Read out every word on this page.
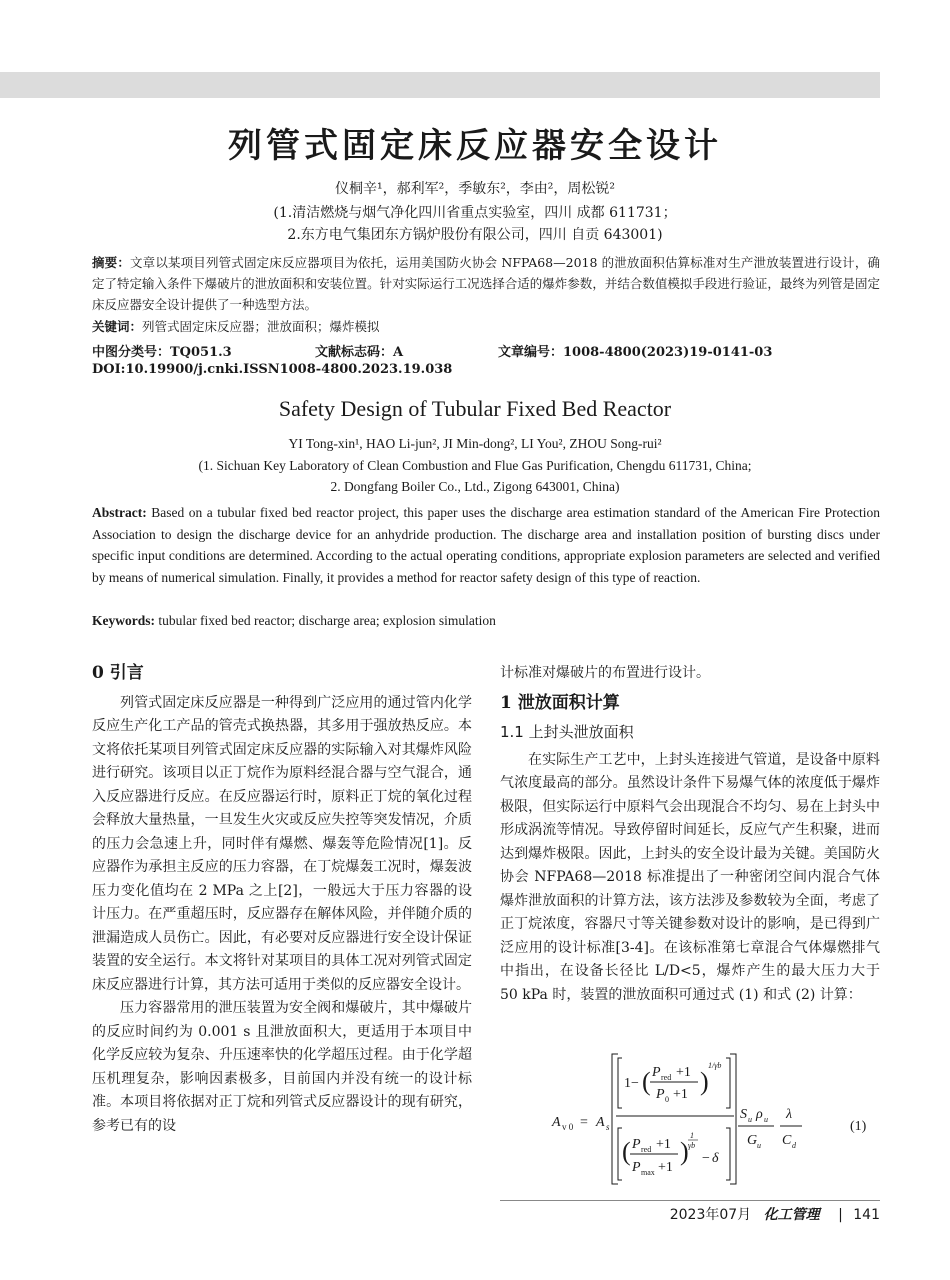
列管式固定床反应器安全设计
仪桐辛¹，郝利军²，季敏东²，李由²，周松锐²
(1.清洁燃烧与烟气净化四川省重点实验室，四川 成都 611731；
2.东方电气集团东方锅炉股份有限公司，四川 自贡 643001)
摘要：文章以某项目列管式固定床反应器项目为依托，运用美国防火协会 NFPA68—2018 的泄放面积估算标准对生产泄放装置进行设计，确定了特定输入条件下爆破片的泄放面积和安装位置。针对实际运行工况选择合适的爆炸参数，并结合数值模拟手段进行验证，最终为列管是固定床反应器安全设计提供了一种选型方法。
关键词：列管式固定床反应器；泄放面积；爆炸模拟
中图分类号：TQ051.3	文献标志码：A	文章编号：1008-4800(2023)19-0141-03
DOI:10.19900/j.cnki.ISSN1008-4800.2023.19.038
Safety Design of Tubular Fixed Bed Reactor
YI Tong-xin¹, HAO Li-jun², JI Min-dong², LI You², ZHOU Song-rui²
(1. Sichuan Key Laboratory of Clean Combustion and Flue Gas Purification, Chengdu 611731, China;
2. Dongfang Boiler Co., Ltd., Zigong 643001, China)
Abstract: Based on a tubular fixed bed reactor project, this paper uses the discharge area estimation standard of the American Fire Protection Association to design the discharge device for an anhydride production. The discharge area and installation position of bursting discs under specific input conditions are determined. According to the actual operating conditions, appropriate explosion parameters are selected and verified by means of numerical simulation. Finally, it provides a method for reactor safety design of this type of reaction.
Keywords: tubular fixed bed reactor; discharge area; explosion simulation
0 引言

列管式固定床反应器是一种得到广泛应用的通过管内化学反应生产化工产品的管壳式换热器，其多用于强放热反应。本文将依托某项目列管式固定床反应器的实际输入对其爆炸风险进行研究。该项目以正丁烷作为原料经混合器与空气混合，通入反应器进行反应。在反应器运行时，原料正丁烷的氧化过程会释放大量热量，一旦发生火灾或反应失控等突发情况，介质的压力会急速上升，同时伴有爆燃、爆轰等危险情况[1]。反应器作为承担主反应的压力容器，在丁烷爆轰工况时，爆轰波压力变化值均在 2 MPa 之上[2]，一般远大于压力容器的设计压力。在严重超压时，反应器存在解体风险，并伴随介质的泄漏造成人员伤亡。因此，有必要对反应器进行安全设计保证装置的安全运行。本文将针对某项目的具体工况对列管式固定床反应器进行计算，其方法可适用于类似的反应器安全设计。

压力容器常用的泄压装置为安全阀和爆破片，其中爆破片的反应时间约为 0.001 s 且泄放面积大，更适用于本项目中化学反应较为复杂、升压速率快的化学超压过程。由于化学超压机理复杂，影响因素极多，目前国内并没有统一的设计标准。本项目将依据对正丁烷和列管式反应器设计的现有研究，参考已有的设

计标准对爆破片的布置进行设计。
1 泄放面积计算
1.1 上封头泄放面积

在实际生产工艺中，上封头连接进气管道，是设备中原料气浓度最高的部分。虽然设计条件下易爆气体的浓度低于爆炸极限，但实际运行中原料气会出现混合不均匀、易在上封头中形成涡流等情况。导致停留时间延长，反应气产生积聚，进而达到爆炸极限。因此，上封头的安全设计最为关键。美国防火协会 NFPA68—2018 标准提出了一种密闭空间内混合气体爆炸泄放面积的计算方法，该方法涉及参数较为全面，考虑了正丁烷浓度，容器尺寸等关键参数对设计的影响，是已得到广泛应用的设计标准[3-4]。在该标准第七章混合气体爆燃排气中指出，在设备长径比 L/D<5，爆炸产生的最大压力大于 50 kPa 时，装置的泄放面积可通过式 (1) 和式 (2) 计算：

A v 0 = A s
1− ( P red +1
P 0 +1 )
1/γb
( P red +1
P max +1
)
1
γb
− δ
S u ρ u
G u
λ
C d
(1)
2023年07月 化工管理 | 141
